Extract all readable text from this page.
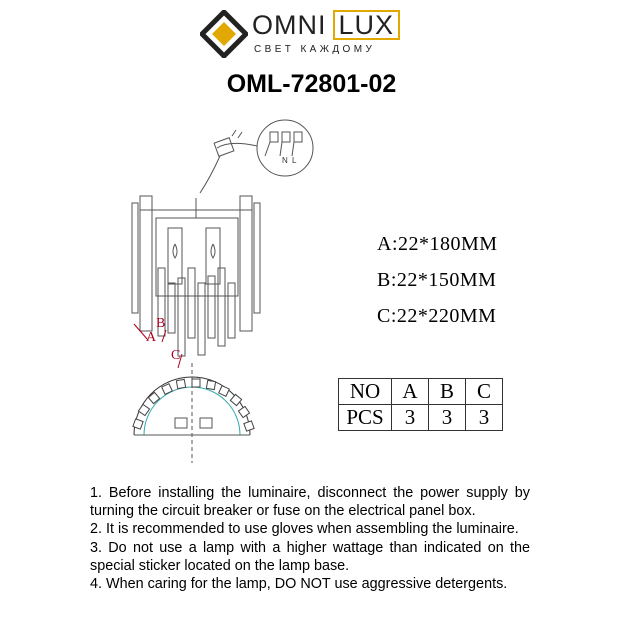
OMNI LUX
СВЕТ КАЖДОМУ
OML-72801-02
N L
A
B
C
A:22*180MM
B:22*150MM
C:22*220MM
NO	A	B	C
PCS	3	3	3

1. Before installing the luminaire, disconnect the power supply by turning the circuit breaker or fuse on the electrical panel box.

2. It is recommended to use gloves when assembling the luminaire.

3. Do not use a lamp with a higher wattage than indicated on the special sticker located on the lamp base.

4. When caring for the lamp, DO NOT use aggressive detergents.
